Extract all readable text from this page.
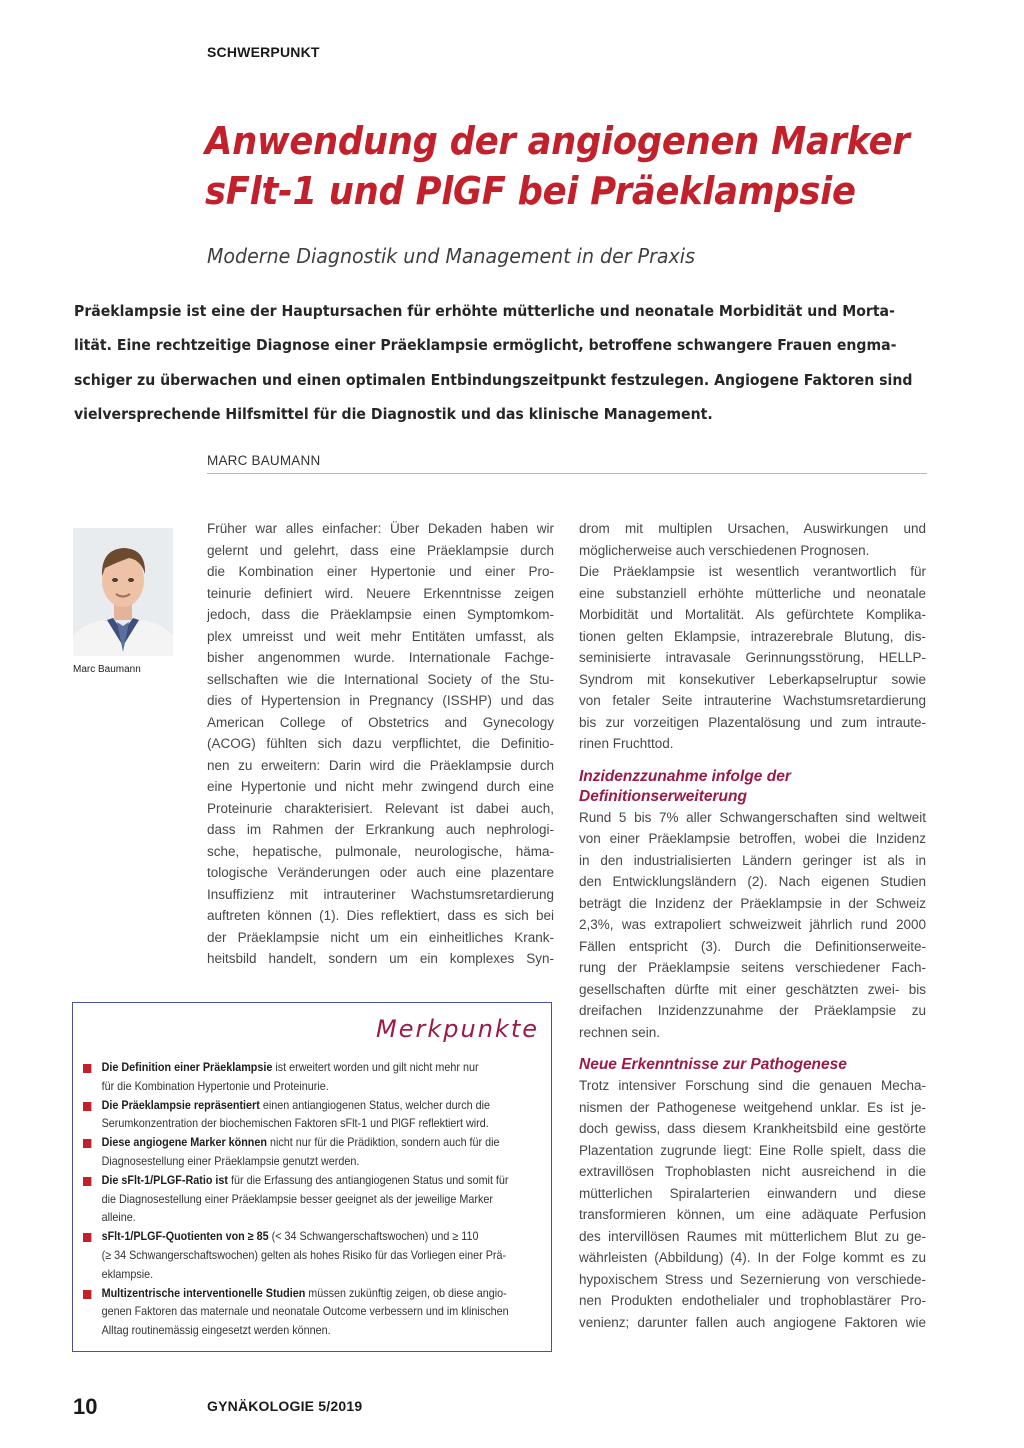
SCHWERPUNKT
Anwendung der angiogenen Marker
sFlt-1 und PlGF bei Präeklampsie
Moderne Diagnostik und Management in der Praxis
Präeklampsie ist eine der Hauptursachen für erhöhte mütterliche und neonatale Morbidität und Morta-
lität. Eine rechtzeitige Diagnose einer Präeklampsie ermöglicht, betroffene schwangere Frauen engma-
schiger zu überwachen und einen optimalen Entbindungszeitpunkt festzulegen. Angiogene Faktoren sind
vielversprechende Hilfsmittel für die Diagnostik und das klinische Management.
MARC BAUMANN
Marc Baumann
Früher war alles einfacher: Über Dekaden haben wir
gelernt und gelehrt, dass eine Präeklampsie durch
die Kombination einer Hypertonie und einer Pro-
teinurie definiert wird. Neuere Erkenntnisse zeigen
jedoch, dass die Präeklampsie einen Symptomkom-
plex umreisst und weit mehr Entitäten umfasst, als
bisher angenommen wurde. Internationale Fachge-
sellschaften wie die International Society of the Stu-
dies of Hypertension in Pregnancy (ISSHP) und das
American College of Obstetrics and Gynecology
(ACOG) fühlten sich dazu verpflichtet, die Definitio-
nen zu erweitern: Darin wird die Präeklampsie durch
eine Hypertonie und nicht mehr zwingend durch eine
Proteinurie charakterisiert. Relevant ist dabei auch,
dass im Rahmen der Erkrankung auch nephrologi-
sche, hepatische, pulmonale, neurologische, häma-
tologische Veränderungen oder auch eine plazentare
Insuffizienz mit intrauteriner Wachstumsretardierung
auftreten können (1). Dies reflektiert, dass es sich bei
der Präeklampsie nicht um ein einheitliches Krank-
heitsbild handelt, sondern um ein komplexes Syn-
drom mit multiplen Ursachen, Auswirkungen und
möglicherweise auch verschiedenen Prognosen.
Die Präeklampsie ist wesentlich verantwortlich für
eine substanziell erhöhte mütterliche und neonatale
Morbidität und Mortalität. Als gefürchtete Komplika-
tionen gelten Eklampsie, intrazerebrale Blutung, dis-
seminisierte intravasale Gerinnungsstörung, HELLP-
Syndrom mit konsekutiver Leberkapselruptur sowie
von fetaler Seite intrauterine Wachstumsretardierung
bis zur vorzeitigen Plazentalösung und zum intraute-
rinen Fruchttod.
Inzidenzzunahme infolge der
Definitionserweiterung
Rund 5 bis 7% aller Schwangerschaften sind weltweit
von einer Präeklampsie betroffen, wobei die Inzidenz
in den industrialisierten Ländern geringer ist als in
den Entwicklungsländern (2). Nach eigenen Studien
beträgt die Inzidenz der Präeklampsie in der Schweiz
2,3%, was extrapoliert schweizweit jährlich rund 2000
Fällen entspricht (3). Durch die Definitionserweite-
rung der Präeklampsie seitens verschiedener Fach-
gesellschaften dürfte mit einer geschätzten zwei- bis
dreifachen Inzidenzzunahme der Präeklampsie zu
rechnen sein.
Neue Erkenntnisse zur Pathogenese
Trotz intensiver Forschung sind die genauen Mecha-
nismen der Pathogenese weitgehend unklar. Es ist je-
doch gewiss, dass diesem Krankheitsbild eine gestörte
Plazentation zugrunde liegt: Eine Rolle spielt, dass die
extravillösen Trophoblasten nicht ausreichend in die
mütterlichen Spiralarterien einwandern und diese
transformieren können, um eine adäquate Perfusion
des intervillösen Raumes mit mütterlichem Blut zu ge-
währleisten (Abbildung) (4). In der Folge kommt es zu
hypoxischem Stress und Sezernierung von verschiede-
nen Produkten endothelialer und trophoblastärer Pro-
venienz; darunter fallen auch angiogene Faktoren wie
Merkpunkte
Die Definition einer Präeklampsie ist erweitert worden und gilt nicht mehr nur
für die Kombination Hypertonie und Proteinurie.
Die Präeklampsie repräsentiert einen antiangiogenen Status, welcher durch die
Serumkonzentration der biochemischen Faktoren sFlt-1 und PlGF reflektiert wird.
Diese angiogene Marker können nicht nur für die Prädiktion, sondern auch für die
Diagnosestellung einer Präeklampsie genutzt werden.
Die sFlt-1/PLGF-Ratio ist für die Erfassung des antiangiogenen Status und somit für
die Diagnosestellung einer Präeklampsie besser geeignet als der jeweilige Marker
alleine.
sFlt-1/PLGF-Quotienten von ≥ 85 (< 34 Schwangerschaftswochen) und ≥ 110
(≥ 34 Schwangerschaftswochen) gelten als hohes Risiko für das Vorliegen einer Prä-
eklampsie.
Multizentrische interventionelle Studien müssen zukünftig zeigen, ob diese angio-
genen Faktoren das maternale und neonatale Outcome verbessern und im klinischen
Alltag routinemässig eingesetzt werden können.
10	GYNÄKOLOGIE 5/2019
